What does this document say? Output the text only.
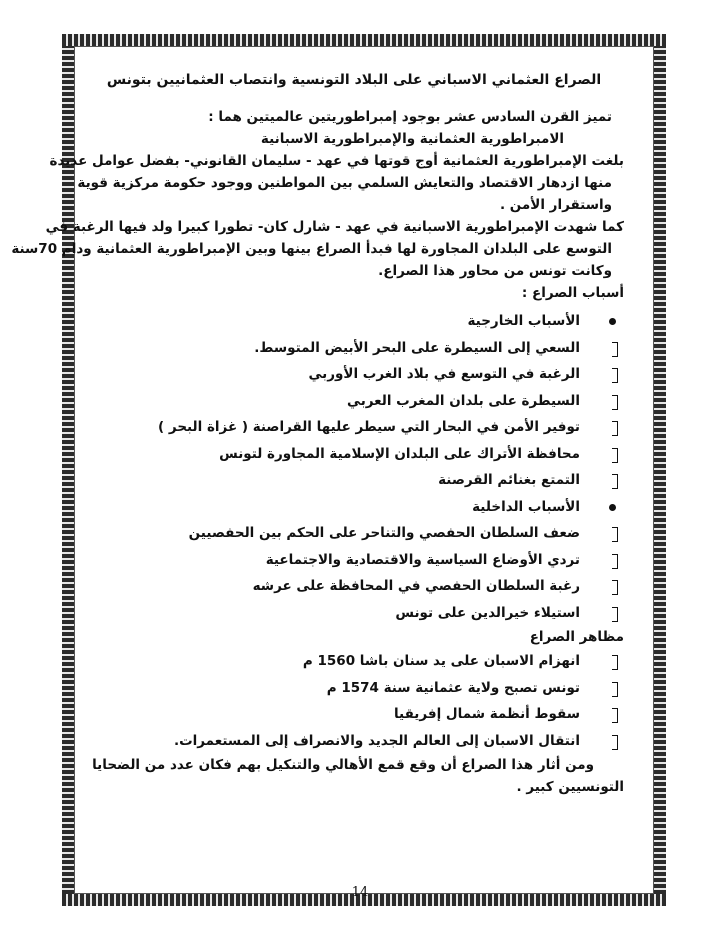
الصراع العثماني الاسباني على البلاد التونسية وانتصاب العثمانيين بتونس
تميز القرن السادس عشر بوجود إمبراطوريتين عالميتين هما :
الامبراطورية العثمانية والإمبراطورية الاسبانية
بلغت الإمبراطورية العثمانية أوج قوتها في عهد - سليمان القانوني- بفضل عوامل عديدة
منها ازدهار الاقتصاد والتعايش السلمي بين المواطنين ووجود حكومة مركزية قوية
واستقرار الأمن .
كما شهدت الإمبراطورية الاسبانية في عهد - شارل كان- تطورا كبيرا ولد فيها الرغبة في
التوسع على البلدان المجاورة لها فبدأ الصراع بينها وبين الإمبراطورية العثمانية ودام 70سنة
وكانت تونس من محاور هذا الصراع.
أسباب الصراع :
الأسباب الخارجية
السعي إلى السيطرة على البحر الأبيض المتوسط.
الرغبة في التوسع في بلاد الغرب الأوربي
السيطرة على بلدان المغرب العربي
توفير الأمن في البحار التي سيطر عليها القراصنة ( غزاة البحر )
محافظة الأتراك على البلدان الإسلامية المجاورة لتونس
التمتع بغنائم القرصنة
الأسباب الداخلية
ضعف السلطان الحفصي والتناحر على الحكم بين الحفصيين
تردي الأوضاع السياسية والاقتصادية والاجتماعية
رغبة السلطان الحفصي في المحافظة على عرشه
استيلاء خيرالدين على تونس
مظاهر الصراع
انهزام الاسبان على يد سنان باشا 1560 م
تونس تصبح ولاية عثمانية سنة 1574 م
سقوط أنظمة شمال إفريقيا
انتقال الاسبان إلى العالم الجديد والانصراف إلى المستعمرات.
ومن أثار هذا الصراع أن وقع قمع الأهالي والتنكيل بهم فكان عدد من الضحايا
التونسيين كبير .
14
